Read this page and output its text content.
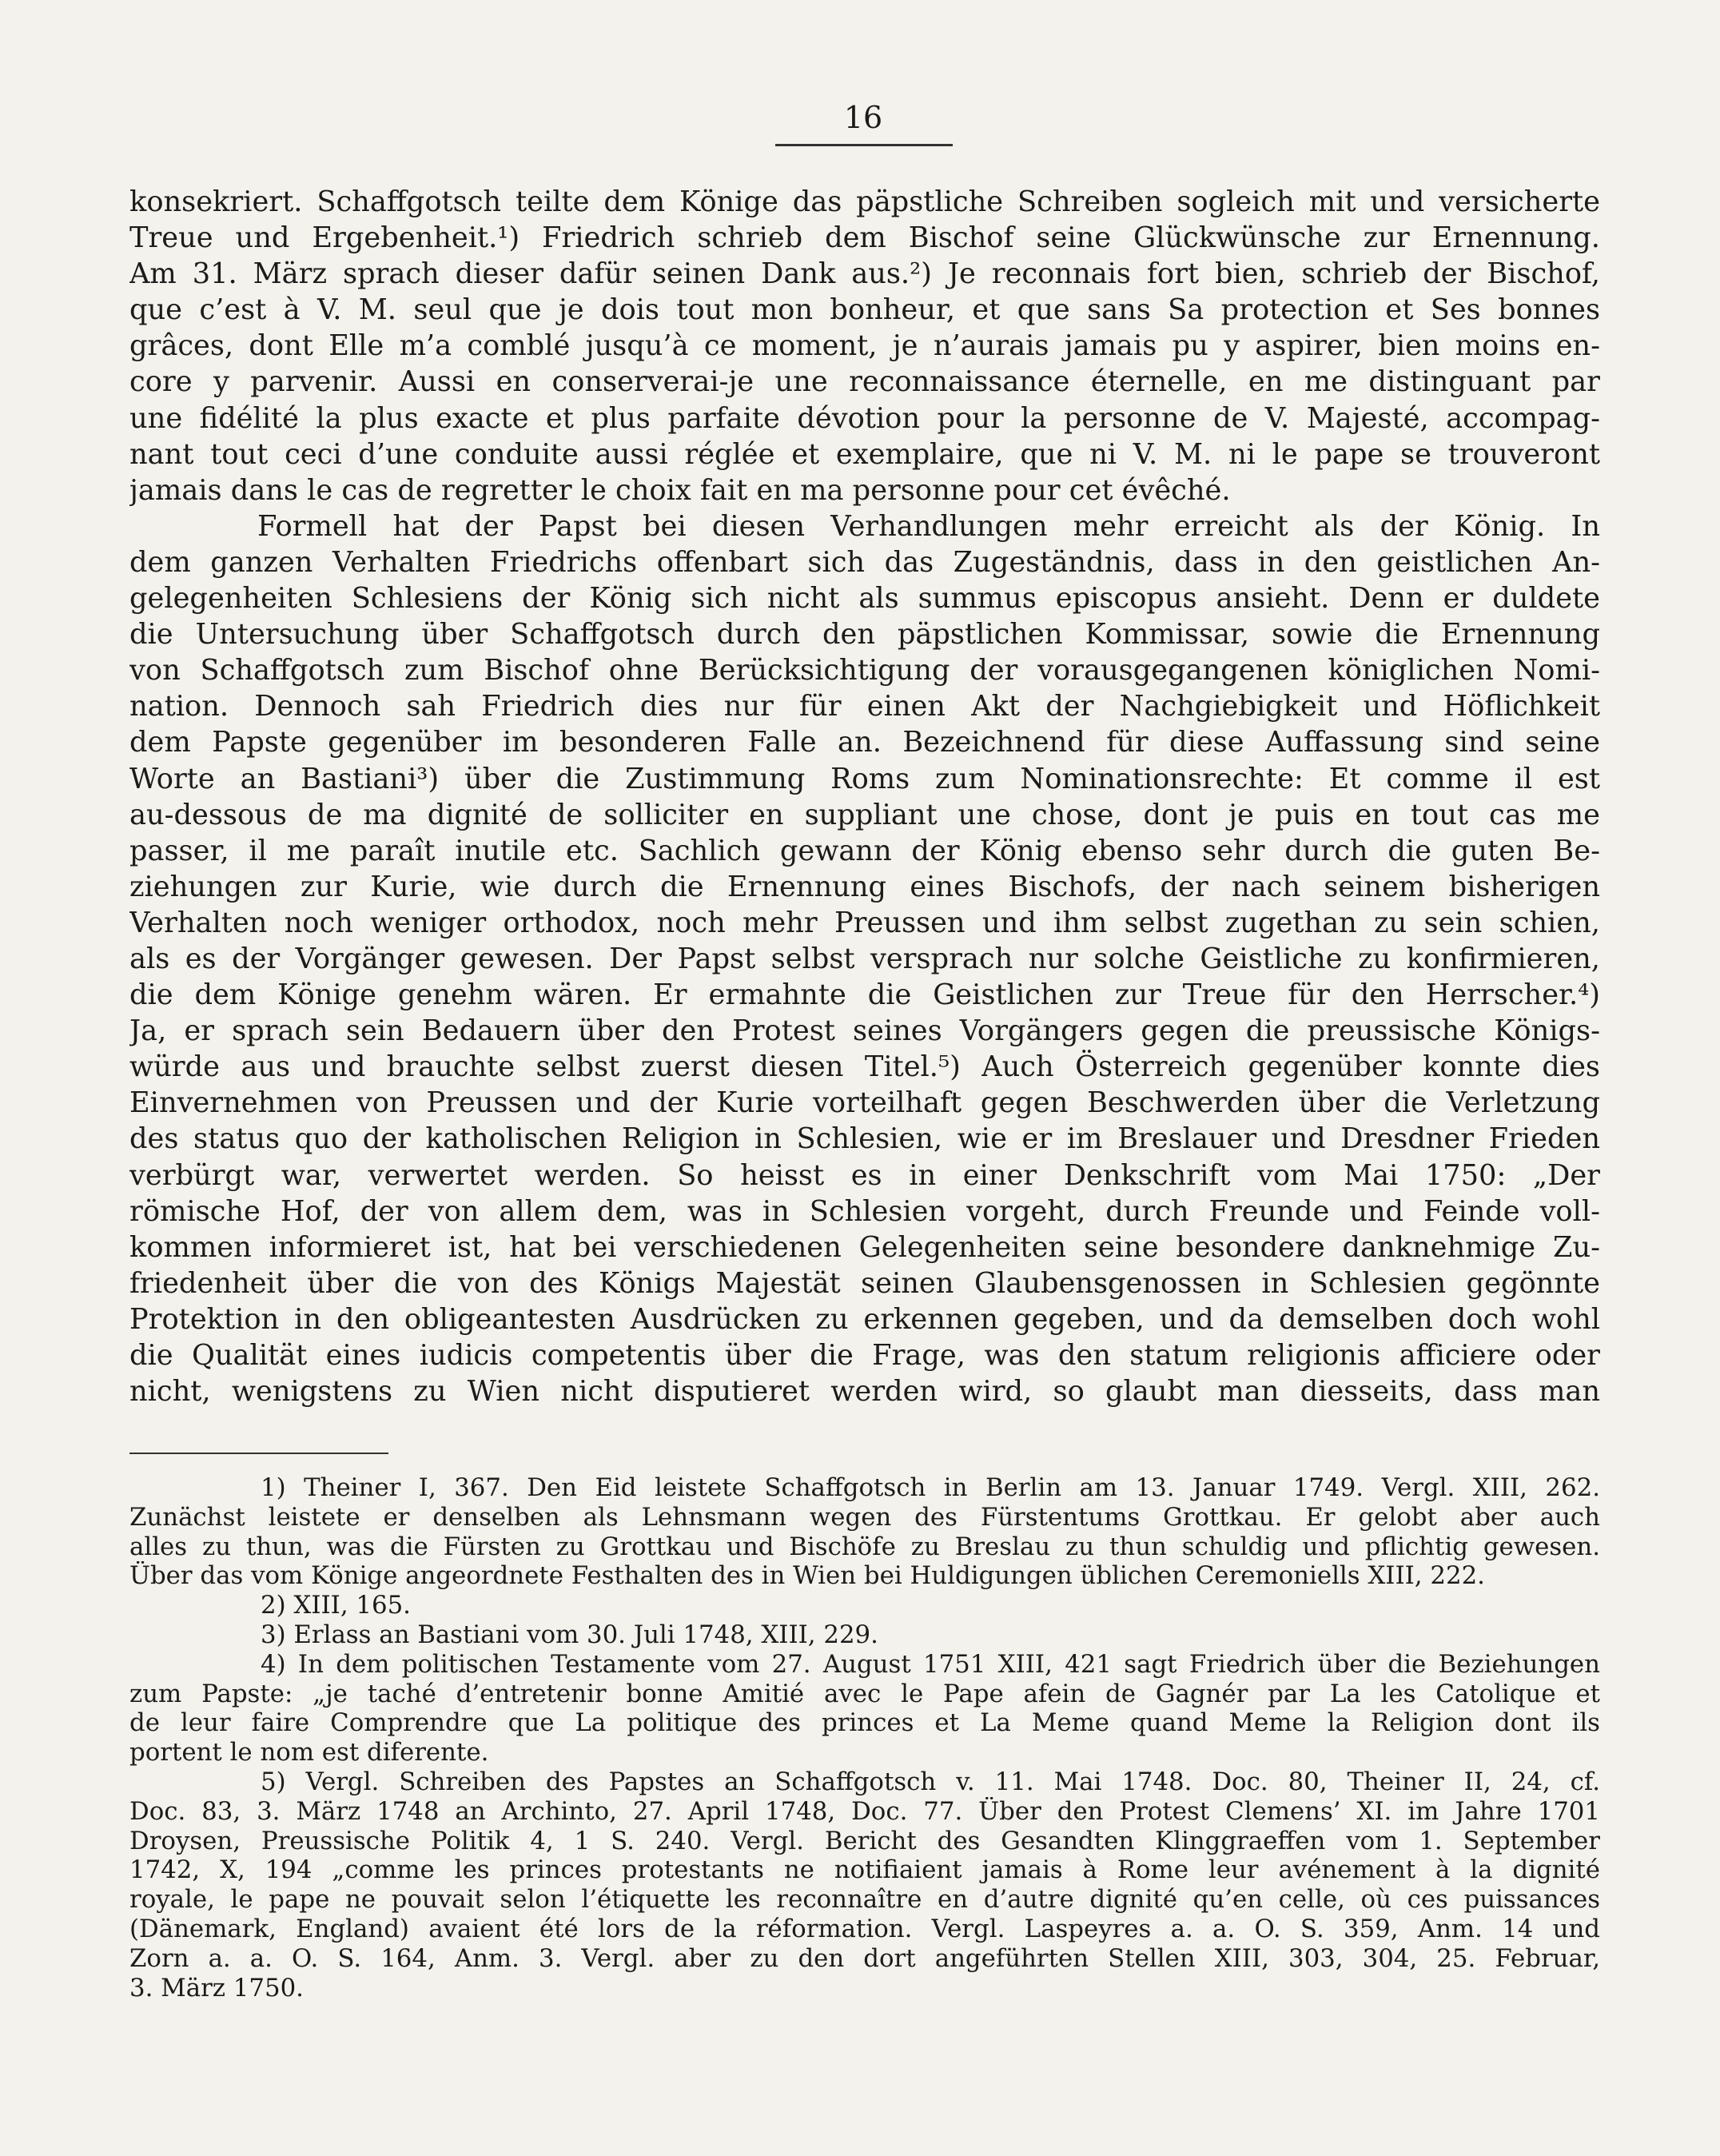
16
konsekriert. Schaffgotsch teilte dem Könige das päpstliche Schreiben sogleich mit und versicherte
Treue und Ergebenheit.¹) Friedrich schrieb dem Bischof seine Glückwünsche zur Ernennung.
Am 31. März sprach dieser dafür seinen Dank aus.²) Je reconnais fort bien, schrieb der Bischof,
que c’est à V. M. seul que je dois tout mon bonheur, et que sans Sa protection et Ses bonnes
grâces, dont Elle m’a comblé jusqu’à ce moment, je n’aurais jamais pu y aspirer, bien moins en-
core y parvenir. Aussi en conserverai-je une reconnaissance éternelle, en me distinguant par
une fidélité la plus exacte et plus parfaite dévotion pour la personne de V. Majesté, accompag-
nant tout ceci d’une conduite aussi réglée et exemplaire, que ni V. M. ni le pape se trouveront
jamais dans le cas de regretter le choix fait en ma personne pour cet évêché.
Formell hat der Papst bei diesen Verhandlungen mehr erreicht als der König. In
dem ganzen Verhalten Friedrichs offenbart sich das Zugeständnis, dass in den geistlichen An-
gelegenheiten Schlesiens der König sich nicht als summus episcopus ansieht. Denn er duldete
die Untersuchung über Schaffgotsch durch den päpstlichen Kommissar, sowie die Ernennung
von Schaffgotsch zum Bischof ohne Berücksichtigung der vorausgegangenen königlichen Nomi-
nation. Dennoch sah Friedrich dies nur für einen Akt der Nachgiebigkeit und Höflichkeit
dem Papste gegenüber im besonderen Falle an. Bezeichnend für diese Auffassung sind seine
Worte an Bastiani³) über die Zustimmung Roms zum Nominationsrechte: Et comme il est
au-dessous de ma dignité de solliciter en suppliant une chose, dont je puis en tout cas me
passer, il me paraît inutile etc. Sachlich gewann der König ebenso sehr durch die guten Be-
ziehungen zur Kurie, wie durch die Ernennung eines Bischofs, der nach seinem bisherigen
Verhalten noch weniger orthodox, noch mehr Preussen und ihm selbst zugethan zu sein schien,
als es der Vorgänger gewesen. Der Papst selbst versprach nur solche Geistliche zu konfirmieren,
die dem Könige genehm wären. Er ermahnte die Geistlichen zur Treue für den Herrscher.⁴)
Ja, er sprach sein Bedauern über den Protest seines Vorgängers gegen die preussische Königs-
würde aus und brauchte selbst zuerst diesen Titel.⁵) Auch Österreich gegenüber konnte dies
Einvernehmen von Preussen und der Kurie vorteilhaft gegen Beschwerden über die Verletzung
des status quo der katholischen Religion in Schlesien, wie er im Breslauer und Dresdner Frieden
verbürgt war, verwertet werden. So heisst es in einer Denkschrift vom Mai 1750: „Der
römische Hof, der von allem dem, was in Schlesien vorgeht, durch Freunde und Feinde voll-
kommen informieret ist, hat bei verschiedenen Gelegenheiten seine besondere danknehmige Zu-
friedenheit über die von des Königs Majestät seinen Glaubensgenossen in Schlesien gegönnte
Protektion in den obligeantesten Ausdrücken zu erkennen gegeben, und da demselben doch wohl
die Qualität eines iudicis competentis über die Frage, was den statum religionis afficiere oder
nicht, wenigstens zu Wien nicht disputieret werden wird, so glaubt man diesseits, dass man
1) Theiner I, 367. Den Eid leistete Schaffgotsch in Berlin am 13. Januar 1749. Vergl. XIII, 262.
Zunächst leistete er denselben als Lehnsmann wegen des Fürstentums Grottkau. Er gelobt aber auch
alles zu thun, was die Fürsten zu Grottkau und Bischöfe zu Breslau zu thun schuldig und pflichtig gewesen.
Über das vom Könige angeordnete Festhalten des in Wien bei Huldigungen üblichen Ceremoniells XIII, 222.
2) XIII, 165.
3) Erlass an Bastiani vom 30. Juli 1748, XIII, 229.
4) In dem politischen Testamente vom 27. August 1751 XIII, 421 sagt Friedrich über die Beziehungen
zum Papste: „je taché d’entretenir bonne Amitié avec le Pape afein de Gagnér par La les Catolique et
de leur faire Comprendre que La politique des princes et La Meme quand Meme la Religion dont ils
portent le nom est diferente.
5) Vergl. Schreiben des Papstes an Schaffgotsch v. 11. Mai 1748. Doc. 80, Theiner II, 24, cf.
Doc. 83, 3. März 1748 an Archinto, 27. April 1748, Doc. 77. Über den Protest Clemens’ XI. im Jahre 1701
Droysen, Preussische Politik 4, 1 S. 240. Vergl. Bericht des Gesandten Klinggraeffen vom 1. September
1742, X, 194 „comme les princes protestants ne notifiaient jamais à Rome leur avénement à la dignité
royale, le pape ne pouvait selon l’étiquette les reconnaître en d’autre dignité qu’en celle, où ces puissances
(Dänemark, England) avaient été lors de la réformation. Vergl. Laspeyres a. a. O. S. 359, Anm. 14 und
Zorn a. a. O. S. 164, Anm. 3. Vergl. aber zu den dort angeführten Stellen XIII, 303, 304, 25. Februar,
3. März 1750.
